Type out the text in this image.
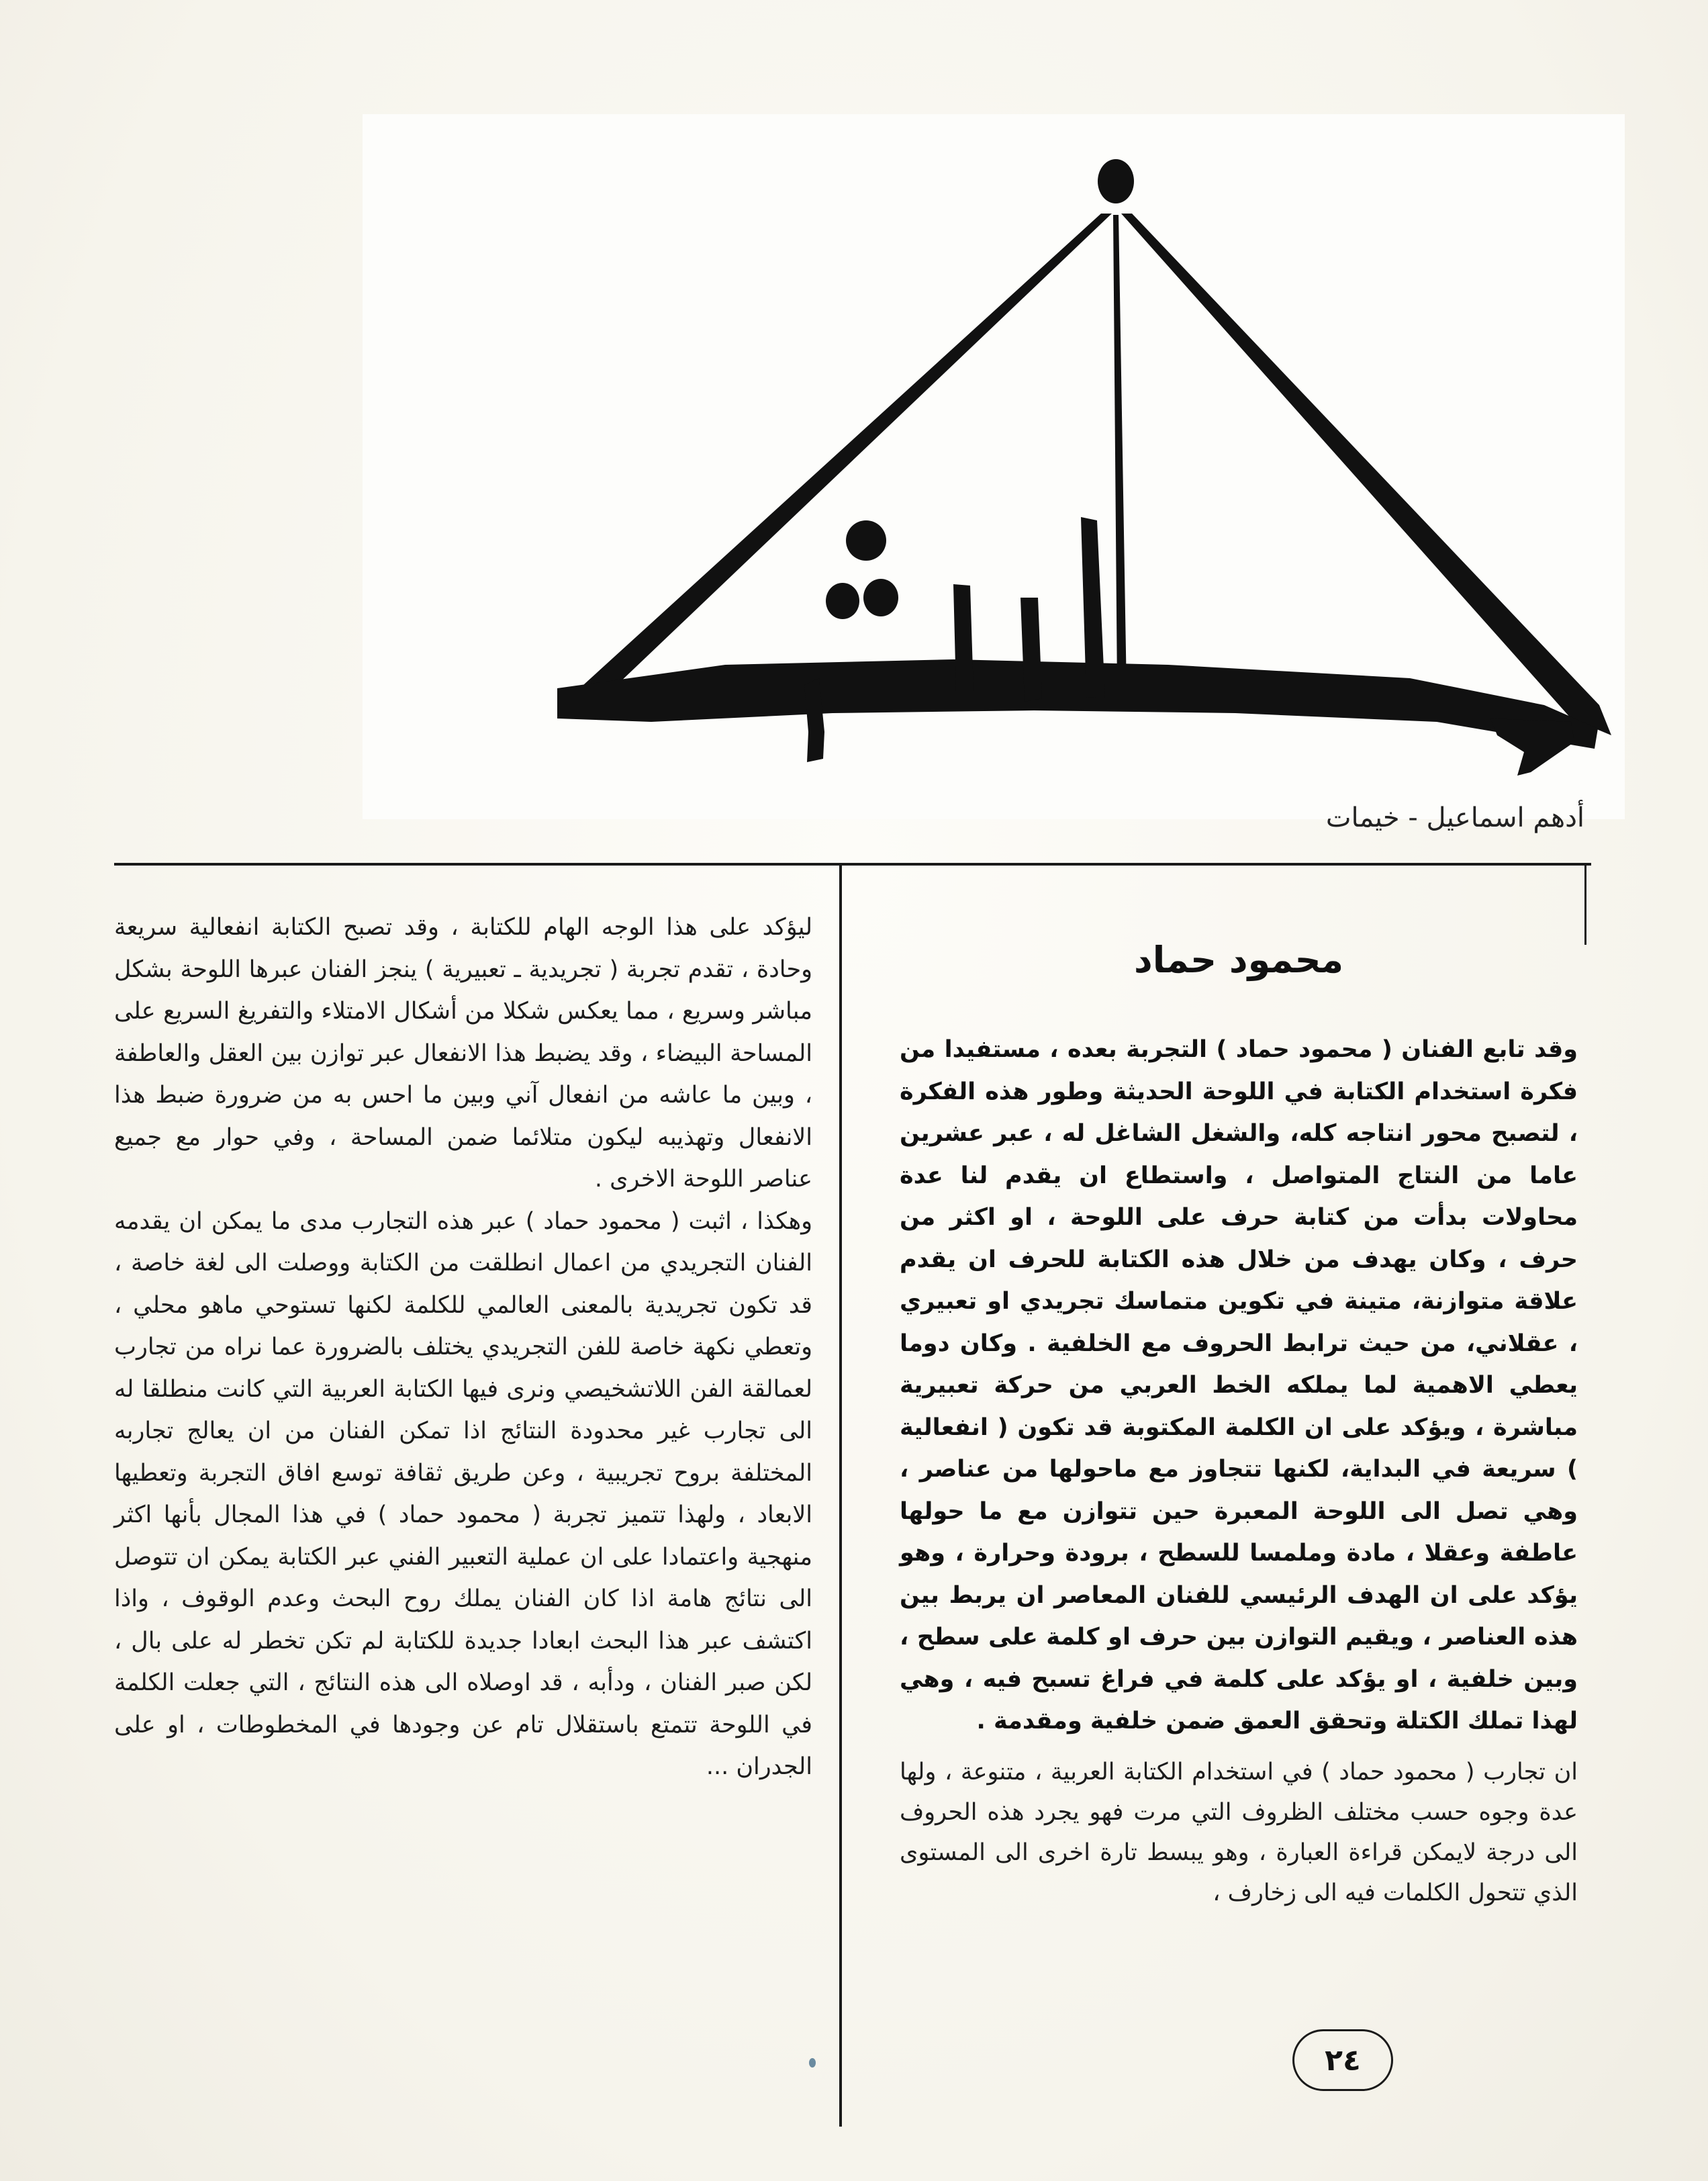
أدهم اسماعيل - خيمات
محمود حماد

وقد تابع الفنان ( محمود حماد ) التجربة بعده ، مستفيدا من فكرة استخدام الكتابة في اللوحة الحديثة وطور هذه الفكرة ، لتصبح محور انتاجه كله، والشغل الشاغل له ، عبر عشرين عاما من النتاج المتواصل ، واستطاع ان يقدم لنا عدة محاولات بدأت من كتابة حرف على اللوحة ، او اكثر من حرف ، وكان يهدف من خلال هذه الكتابة للحرف ان يقدم علاقة متوازنة، متينة في تكوين متماسك تجريدي او تعبيري ، عقلاني، من حيث ترابط الحروف مع الخلفية . وكان دوما يعطي الاهمية لما يملكه الخط العربي من حركة تعبيرية مباشرة ، ويؤكد على ان الكلمة المكتوبة قد تكون ( انفعالية ) سريعة في البداية، لكنها تتجاوز مع ماحولها من عناصر ، وهي تصل الى اللوحة المعبرة حين تتوازن مع ما حولها عاطفة وعقلا ، مادة وملمسا للسطح ، برودة وحرارة ، وهو يؤكد على ان الهدف الرئيسي للفنان المعاصر ان يربط بين هذه العناصر ، ويقيم التوازن بين حرف او كلمة على سطح ، وبين خلفية ، او يؤكد على كلمة في فراغ تسبح فيه ، وهي لهذا تملك الكتلة وتحقق العمق ضمن خلفية ومقدمة .

ان تجارب ( محمود حماد ) في استخدام الكتابة العربية ، متنوعة ، ولها عدة وجوه حسب مختلف الظروف التي مرت فهو يجرد هذه الحروف الى درجة لايمكن قراءة العبارة ، وهو يبسط تارة اخرى الى المستوى الذي تتحول الكلمات فيه الى زخارف ،

ليؤكد على هذا الوجه الهام للكتابة ، وقد تصبح الكتابة انفعالية سريعة وحادة ، تقدم تجربة ( تجريدية ـ تعبيرية ) ينجز الفنان عبرها اللوحة بشكل مباشر وسريع ، مما يعكس شكلا من أشكال الامتلاء والتفريغ السريع على المساحة البيضاء ، وقد يضبط هذا الانفعال عبر توازن بين العقل والعاطفة ، وبين ما عاشه من انفعال آني وبين ما احس به من ضرورة ضبط هذا الانفعال وتهذيبه ليكون متلائما ضمن المساحة ، وفي حوار مع جميع عناصر اللوحة الاخرى .

وهكذا ، اثبت ( محمود حماد ) عبر هذه التجارب مدى ما يمكن ان يقدمه الفنان التجريدي من اعمال انطلقت من الكتابة ووصلت الى لغة خاصة ، قد تكون تجريدية بالمعنى العالمي للكلمة لكنها تستوحي ماهو محلي ، وتعطي نكهة خاصة للفن التجريدي يختلف بالضرورة عما نراه من تجارب لعمالقة الفن اللاتشخيصي ونرى فيها الكتابة العربية التي كانت منطلقا له الى تجارب غير محدودة النتائج اذا تمكن الفنان من ان يعالج تجاربه المختلفة بروح تجريبية ، وعن طريق ثقافة توسع افاق التجربة وتعطيها الابعاد ، ولهذا تتميز تجربة ( محمود حماد ) في هذا المجال بأنها اكثر منهجية واعتمادا على ان عملية التعبير الفني عبر الكتابة يمكن ان تتوصل الى نتائج هامة اذا كان الفنان يملك روح البحث وعدم الوقوف ، واذا اكتشف عبر هذا البحث ابعادا جديدة للكتابة لم تكن تخطر له على بال ، لكن صبر الفنان ، ودأبه ، قد اوصلاه الى هذه النتائج ، التي جعلت الكلمة في اللوحة تتمتع باستقلال تام عن وجودها في المخطوطات ، او على الجدران ...

٢٤
